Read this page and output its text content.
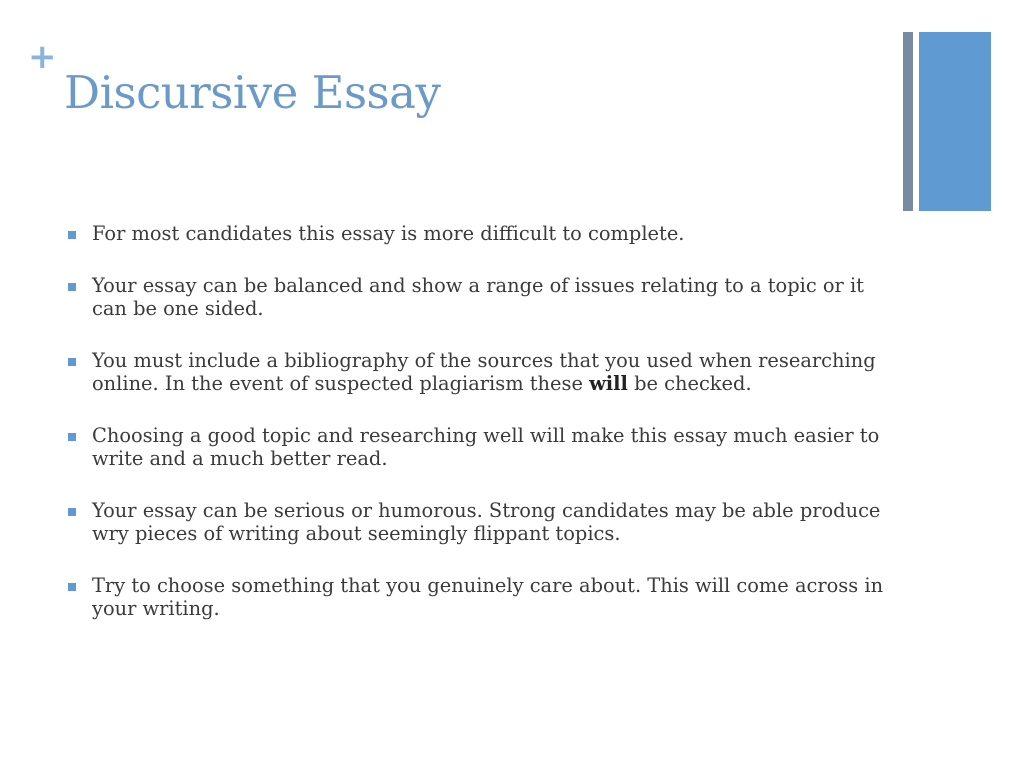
+
Discursive Essay
For most candidates this essay is more difficult to complete.
Your essay can be balanced and show a range of issues relating to a topic or it can be one sided.
You must include a bibliography of the sources that you used when researching online. In the event of suspected plagiarism these will be checked.
Choosing a good topic and researching well will make this essay much easier to write and a much better read.
Your essay can be serious or humorous. Strong candidates may be able produce wry pieces of writing about seemingly flippant topics.
Try to choose something that you genuinely care about. This will come across in your writing.
